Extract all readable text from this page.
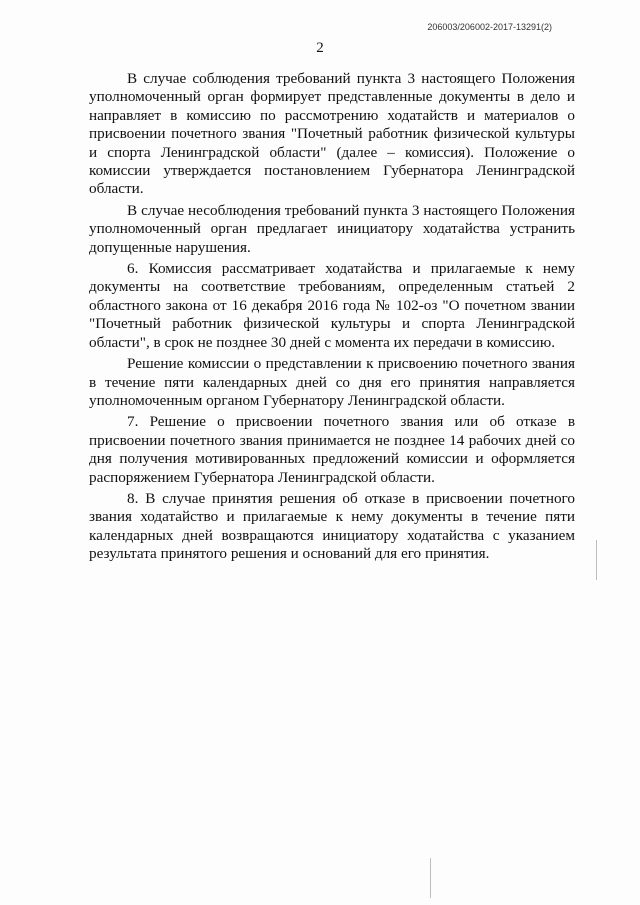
206003/206002-2017-13291(2)
2

В случае соблюдения требований пункта 3 настоящего Положения уполномоченный орган формирует представленные документы в дело и направляет в комиссию по рассмотрению ходатайств и материалов о присвоении почетного звания "Почетный работник физической культуры и спорта Ленинградской области" (далее – комиссия). Положение о комиссии утверждается постановлением Губернатора Ленинградской области.

В случае несоблюдения требований пункта 3 настоящего Положения уполномоченный орган предлагает инициатору ходатайства устранить допущенные нарушения.

6. Комиссия рассматривает ходатайства и прилагаемые к нему документы на соответствие требованиям, определенным статьей 2 областного закона от 16 декабря 2016 года № 102-оз "О почетном звании "Почетный работник физической культуры и спорта Ленинградской области", в срок не позднее 30 дней с момента их передачи в комиссию.

Решение комиссии о представлении к присвоению почетного звания в течение пяти календарных дней со дня его принятия направляется уполномоченным органом Губернатору Ленинградской области.

7. Решение о присвоении почетного звания или об отказе в присвоении почетного звания принимается не позднее 14 рабочих дней со дня получения мотивированных предложений комиссии и оформляется распоряжением Губернатора Ленинградской области.

8. В случае принятия решения об отказе в присвоении почетного звания ходатайство и прилагаемые к нему документы в течение пяти календарных дней возвращаются инициатору ходатайства с указанием результата принятого решения и оснований для его принятия.
